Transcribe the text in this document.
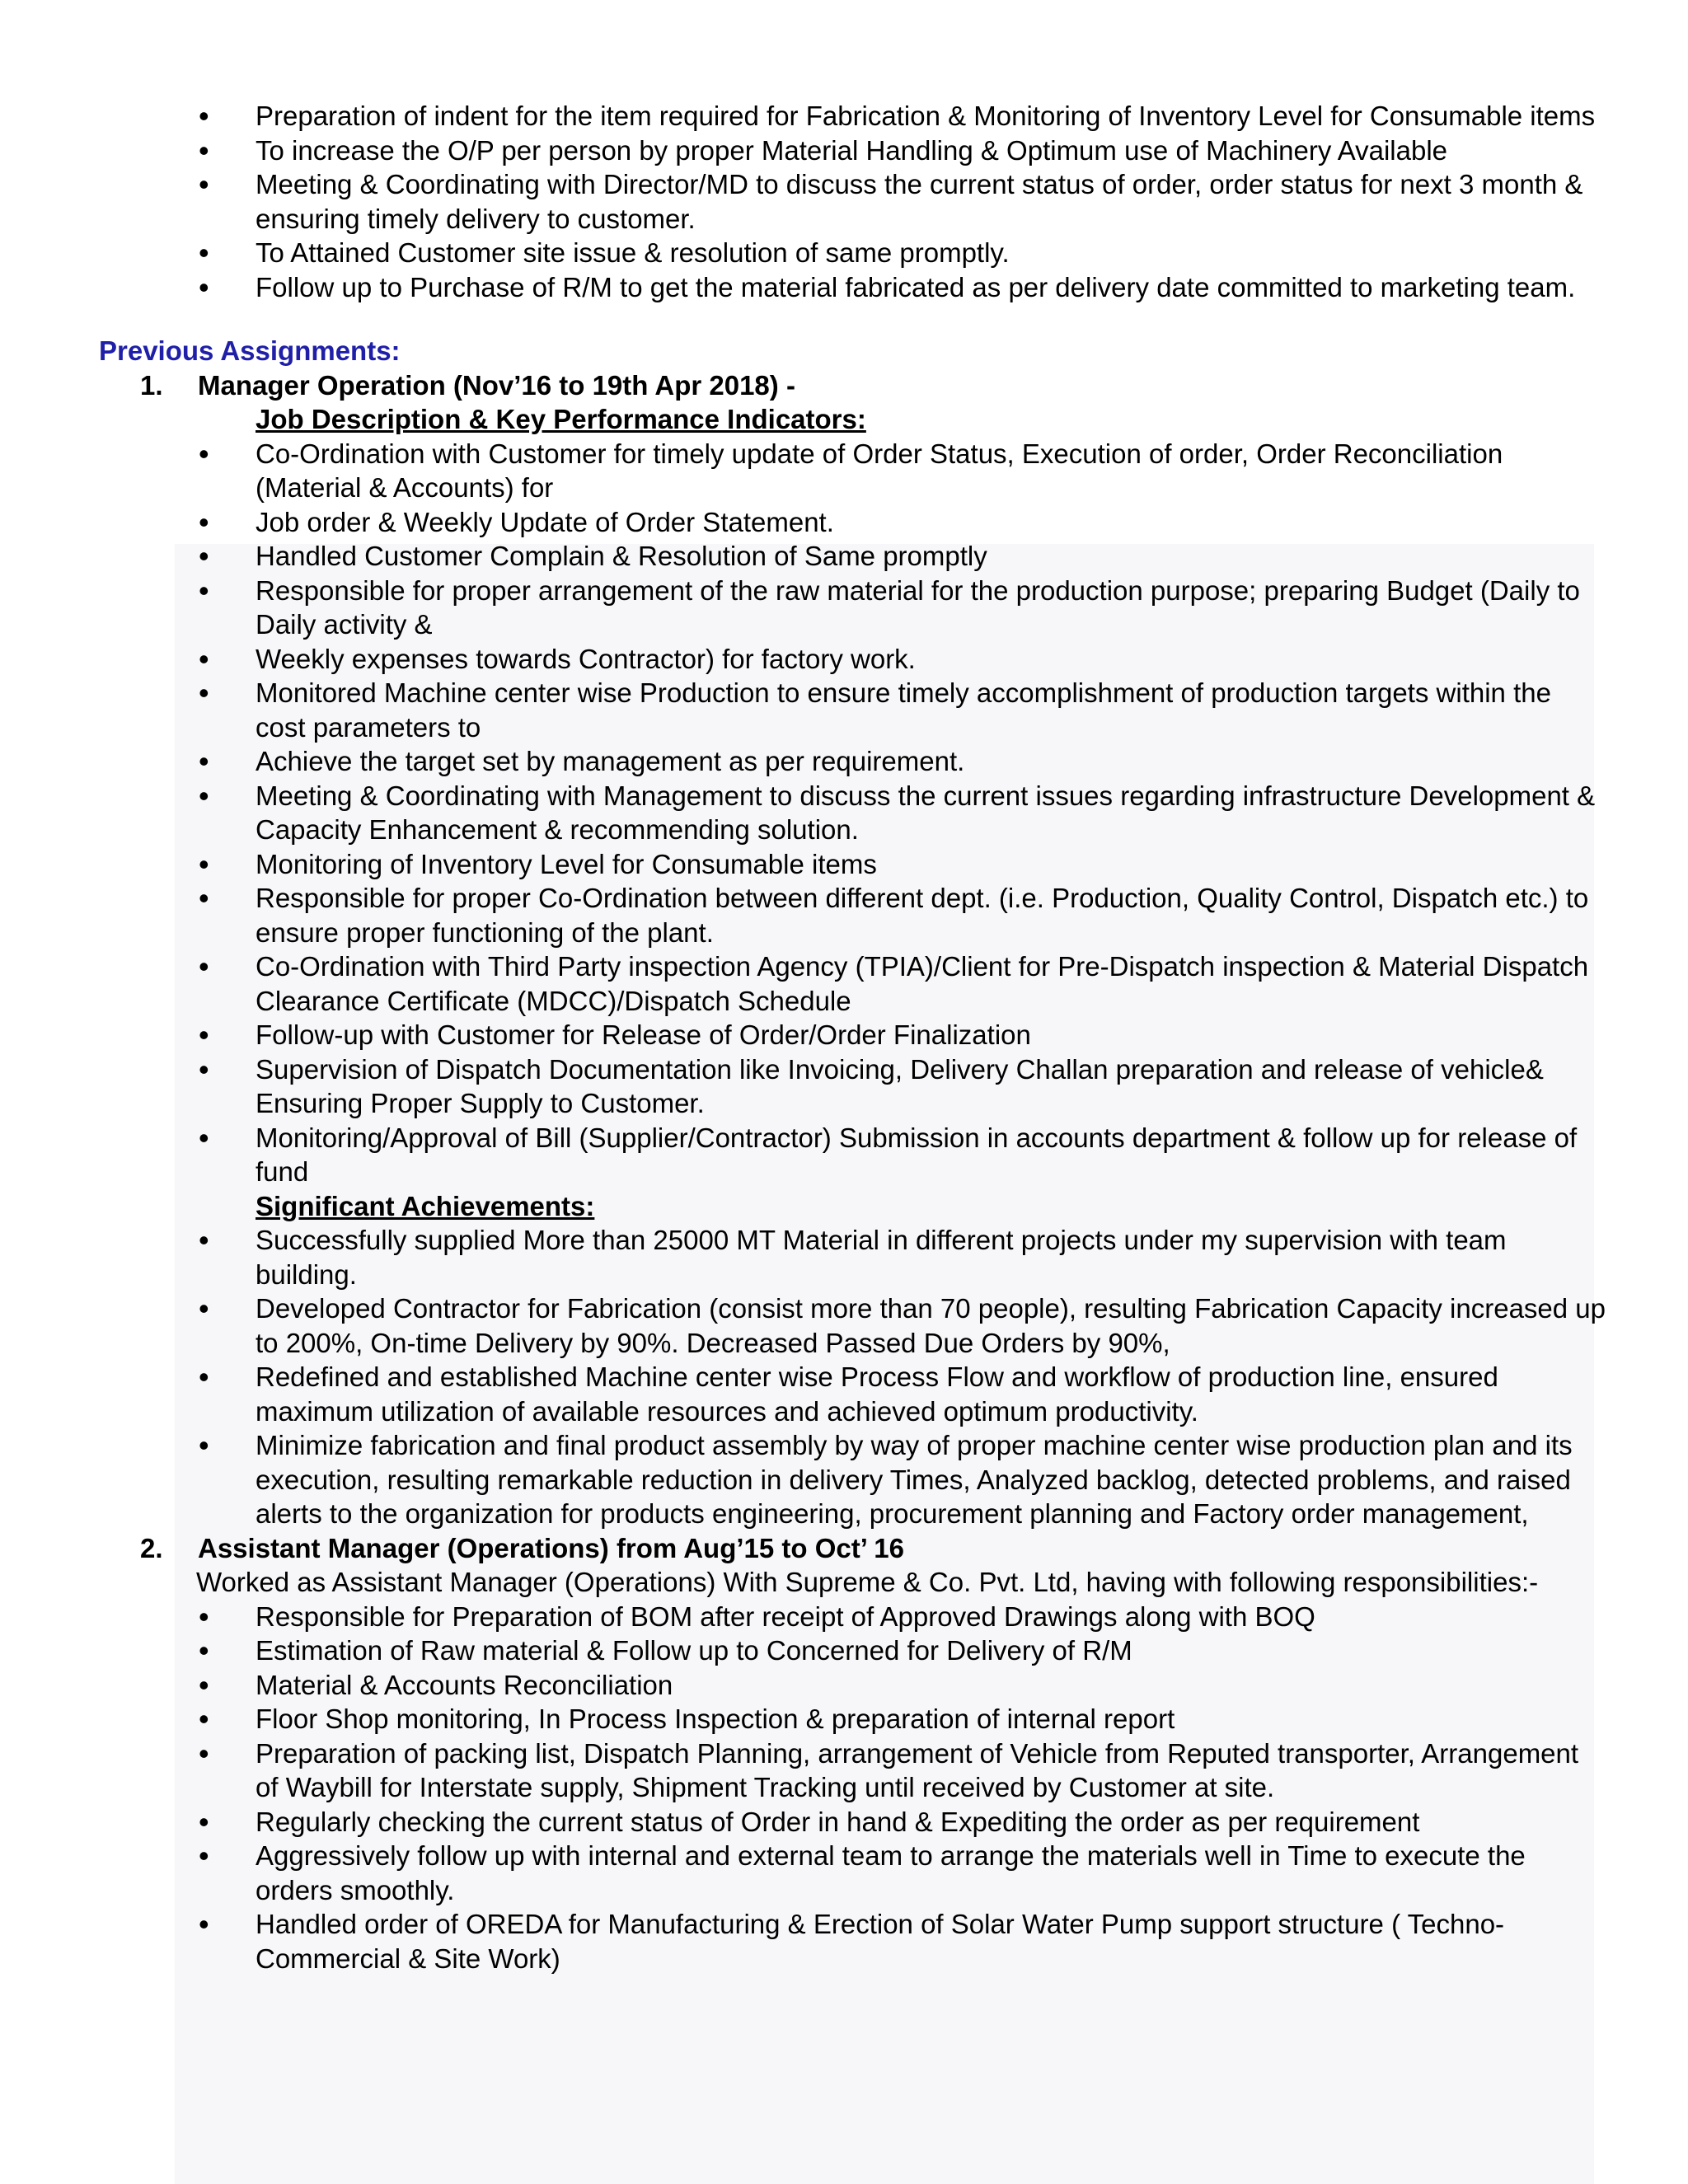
• Preparation of indent for the item required for Fabrication & Monitoring of Inventory Level for Consumable items
• To increase the O/P per person by proper Material Handling & Optimum use of Machinery Available
• Meeting & Coordinating with Director/MD to discuss the current status of order, order status for next 3 month & ensuring timely delivery to customer.
• To Attained Customer site issue & resolution of same promptly.
• Follow up to Purchase of R/M to get the material fabricated as per delivery date committed to marketing team.
Previous Assignments:
1. Manager Operation (Nov’16 to 19th Apr 2018) -
Job Description & Key Performance Indicators:
• Co-Ordination with Customer for timely update of Order Status, Execution of order, Order Reconciliation (Material & Accounts) for
• Job order & Weekly Update of Order Statement.
• Handled Customer Complain & Resolution of Same promptly
• Responsible for proper arrangement of the raw material for the production purpose; preparing Budget (Daily to Daily activity &
• Weekly expenses towards Contractor) for factory work.
• Monitored Machine center wise Production to ensure timely accomplishment of production targets within the cost parameters to
• Achieve the target set by management as per requirement.
• Meeting & Coordinating with Management to discuss the current issues regarding infrastructure Development & Capacity Enhancement & recommending solution.
• Monitoring of Inventory Level for Consumable items
• Responsible for proper Co-Ordination between different dept. (i.e. Production, Quality Control, Dispatch etc.) to ensure proper functioning of the plant.
• Co-Ordination with Third Party inspection Agency (TPIA)/Client for Pre-Dispatch inspection & Material Dispatch Clearance Certificate (MDCC)/Dispatch Schedule
• Follow-up with Customer for Release of Order/Order Finalization
• Supervision of Dispatch Documentation like Invoicing, Delivery Challan preparation and release of vehicle& Ensuring Proper Supply to Customer.
• Monitoring/Approval of Bill (Supplier/Contractor) Submission in accounts department & follow up for release of fund
Significant Achievements:
• Successfully supplied More than 25000 MT Material in different projects under my supervision with team building.
• Developed Contractor for Fabrication (consist more than 70 people), resulting Fabrication Capacity increased up to 200%, On-time Delivery by 90%. Decreased Passed Due Orders by 90%,
• Redefined and established Machine center wise Process Flow and workflow of production line, ensured maximum utilization of available resources and achieved optimum productivity.
• Minimize fabrication and final product assembly by way of proper machine center wise production plan and its execution, resulting remarkable reduction in delivery Times, Analyzed backlog, detected problems, and raised alerts to the organization for products engineering, procurement planning and Factory order management,
2. Assistant Manager (Operations) from Aug’15 to Oct’ 16
Worked as Assistant Manager (Operations) With Supreme & Co. Pvt. Ltd, having with following responsibilities:-
• Responsible for Preparation of BOM after receipt of Approved Drawings along with BOQ
• Estimation of Raw material & Follow up to Concerned for Delivery of R/M
• Material & Accounts Reconciliation
• Floor Shop monitoring, In Process Inspection & preparation of internal report
• Preparation of packing list, Dispatch Planning, arrangement of Vehicle from Reputed transporter, Arrangement of Waybill for Interstate supply, Shipment Tracking until received by Customer at site.
• Regularly checking the current status of Order in hand & Expediting the order as per requirement
• Aggressively follow up with internal and external team to arrange the materials well in Time to execute the orders smoothly.
• Handled order of OREDA for Manufacturing & Erection of Solar Water Pump support structure ( Techno-Commercial & Site Work)
